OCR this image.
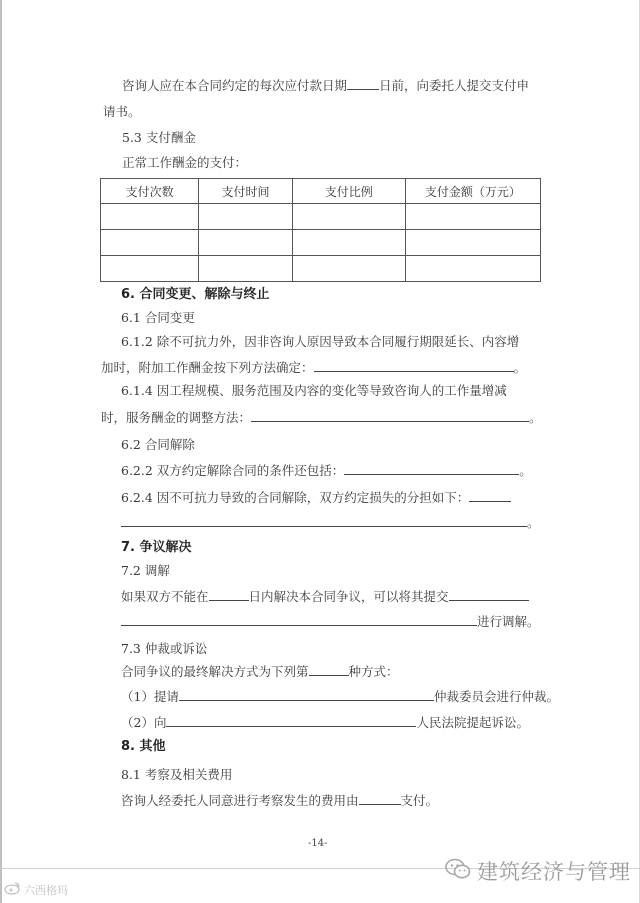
咨询人应在本合同约定的每次应付款日期	日前，向委托人提交支付申
请书。
5.3 支付酬金
正常工作酬金的支付：
支付次数	支付时间	支付比例	支付金额（万元）

6. 合同变更、解除与终止
6.1 合同变更
6.1.2 除不可抗力外，因非咨询人原因导致本合同履行期限延长、内容增
加时，附加工作酬金按下列方法确定：	。
6.1.4 因工程规模、服务范围及内容的变化等导致咨询人的工作量增减
时，服务酬金的调整方法：	。
6.2 合同解除
6.2.2 双方约定解除合同的条件还包括：	。
6.2.4 因不可抗力导致的合同解除，双方约定损失的分担如下：
。
7. 争议解决
7.2 调解
如果双方不能在	日内解决本合同争议，可以将其提交
进行调解。
7.3 仲裁或诉讼
合同争议的最终解决方式为下列第	种方式：
（1）提请	仲裁委员会进行仲裁。
（2）向	人民法院提起诉讼。
8. 其他
8.1 考察及相关费用
咨询人经委托人同意进行考察发生的费用由	支付。
-14-
建筑经济与管理
六西格玛
